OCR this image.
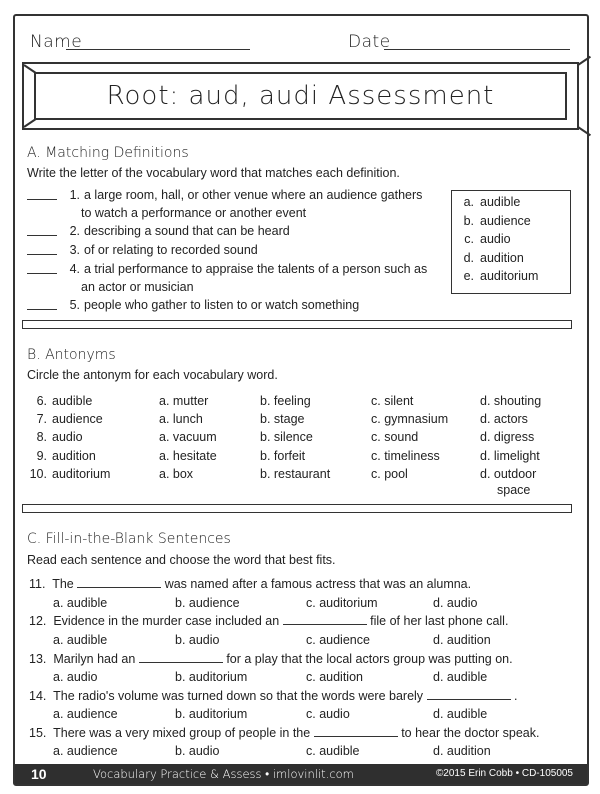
Name	Date
Root: aud, audi Assessment
A. Matching Definitions
Write the letter of the vocabulary word that matches each definition.
1. a large room, hall, or other venue where an audience gathers
to watch a performance or another event
2. describing a sound that can be heard
3. of or relating to recorded sound
4. a trial performance to appraise the talents of a person such as
an actor or musician
5. people who gather to listen to or watch something
a. audible
b. audience
c. audio
d. audition
e. auditorium
B. Antonyms
Circle the antonym for each vocabulary word.
6. audible	a. mutter	b. feeling	c. silent	d. shouting
7. audience	a. lunch	b. stage	c. gymnasium	d. actors
8. audio	a. vacuum	b. silence	c. sound	d. digress
9. audition	a. hesitate	b. forfeit	c. timeliness	d. limelight
10. auditorium	a. box	b. restaurant	c. pool	d. outdoor
space
C. Fill-in-the-Blank Sentences
Read each sentence and choose the word that best fits.
11. The	was named after a famous actress that was an alumna.
a. audible	b. audience	c. auditorium	d. audio
12. Evidence in the murder case included an	file of her last phone call.
a. audible	b. audio	c. audience	d. audition
13. Marilyn had an	for a play that the local actors group was putting on.
a. audio	b. auditorium	c. audition	d. audible
14. The radio's volume was turned down so that the words were barely	.
a. audience	b. auditorium	c. audio	d. audible
15. There was a very mixed group of people in the	to hear the doctor speak.
a. audience	b. audio	c. audible	d. audition
10	Vocabulary Practice & Assess • imlovinlit.com	©2015 Erin Cobb • CD-105005
